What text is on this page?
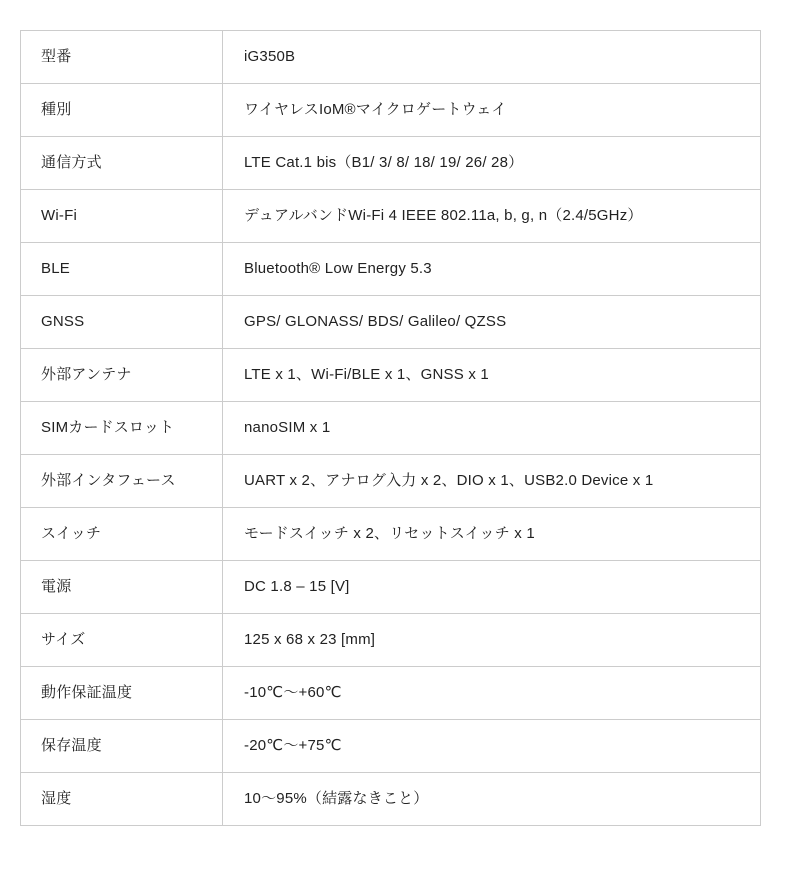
型番	iG350B
種別	ワイヤレスIoM®マイクロゲートウェイ
通信方式	LTE Cat.1 bis（B1/ 3/ 8/ 18/ 19/ 26/ 28）
Wi-Fi	デュアルバンドWi-Fi 4 IEEE 802.11a, b, g, n（2.4/5GHz）
BLE	Bluetooth® Low Energy 5.3
GNSS	GPS/ GLONASS/ BDS/ Galileo/ QZSS
外部アンテナ	LTE x 1、Wi-Fi/BLE x 1、GNSS x 1
SIMカードスロット	nanoSIM x 1
外部インタフェース	UART x 2、アナログ入力 x 2、DIO x 1、USB2.0 Device x 1
スイッチ	モードスイッチ x 2、リセットスイッチ x 1
電源	DC 1.8 – 15 [V]
サイズ	125 x 68 x 23 [mm]
動作保証温度	-10℃〜+60℃
保存温度	-20℃〜+75℃
湿度	10〜95%（結露なきこと）
